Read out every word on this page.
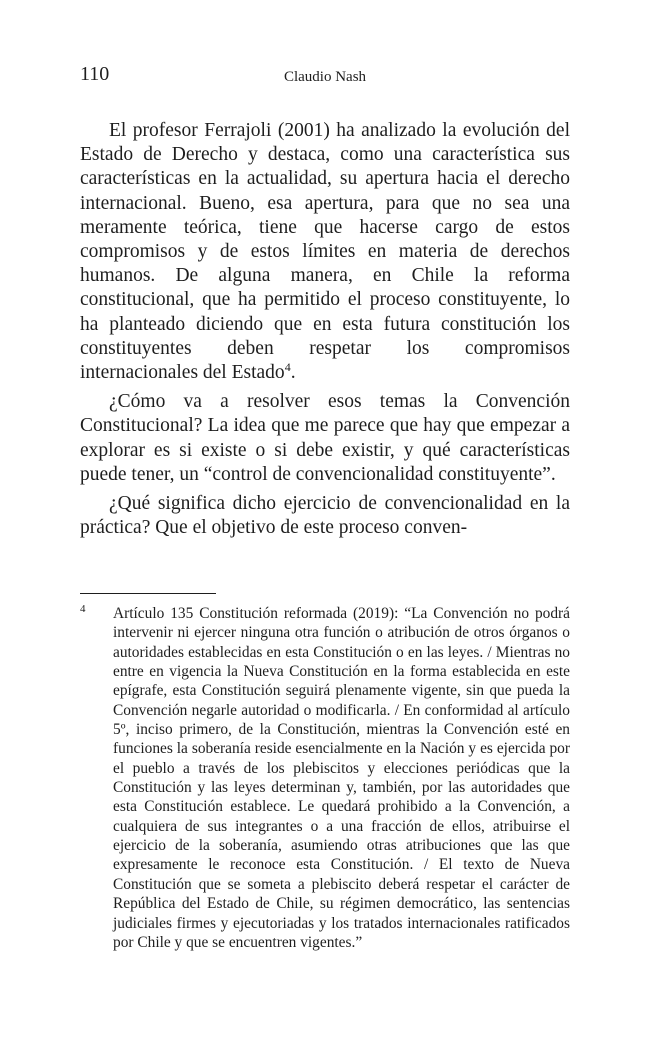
110	Claudio Nash

El profesor Ferrajoli (2001) ha analizado la evolución del Estado de Derecho y destaca, como una característica sus características en la actualidad, su apertura hacia el derecho internacional. Bueno, esa apertura, para que no sea una meramente teórica, tiene que hacerse cargo de estos compromisos y de estos límites en materia de derechos humanos. De alguna manera, en Chile la reforma constitucional, que ha permitido el proceso constituyente, lo ha planteado diciendo que en esta futura constitución los constituyentes deben respetar los compromisos internacionales del Estado$^4$.

¿Cómo va a resolver esos temas la Convención Constitucional? La idea que me parece que hay que empezar a explorar es si existe o si debe existir, y qué características puede tener, un “control de convencionalidad constituyente”.

¿Qué significa dicho ejercicio de convencionalidad en la práctica? Que el objetivo de este proceso conven-

4 Artículo 135 Constitución reformada (2019): “La Convención no podrá intervenir ni ejercer ninguna otra función o atribución de otros órganos o autoridades establecidas en esta Constitución o en las leyes. / Mientras no entre en vigencia la Nueva Constitución en la forma establecida en este epígrafe, esta Constitución seguirá plenamente vigente, sin que pueda la Convención negarle autoridad o modificarla. / En conformidad al artículo 5º, inciso primero, de la Constitución, mientras la Convención esté en funciones la soberanía reside esencialmente en la Nación y es ejercida por el pueblo a través de los plebiscitos y elecciones periódicas que la Constitución y las leyes determinan y, también, por las autoridades que esta Constitución establece. Le quedará prohibido a la Convención, a cualquiera de sus integrantes o a una fracción de ellos, atribuirse el ejercicio de la soberanía, asumiendo otras atribuciones que las que expresamente le reconoce esta Constitución. / El texto de Nueva Constitución que se someta a plebiscito deberá respetar el carácter de República del Estado de Chile, su régimen democrático, las sentencias judiciales firmes y ejecutoriadas y los tratados internacionales ratificados por Chile y que se encuentren vigentes.”
